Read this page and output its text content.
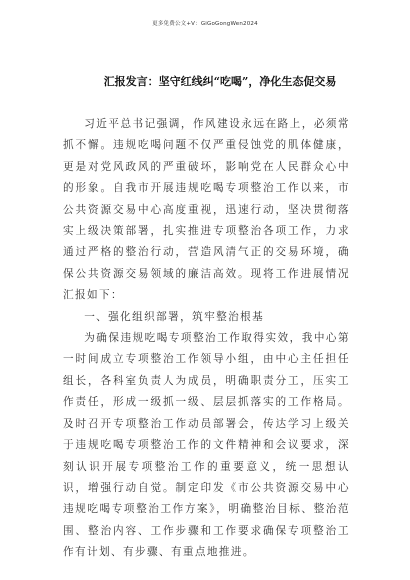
更多免费公文+V：GiGoGongWen2024
汇报发言：坚守红线纠“吃喝”，净化生态促交易

习近平总书记强调，作风建设永远在路上，必须常抓不懈。违规吃喝问题不仅严重侵蚀党的肌体健康，更是对党风政风的严重破坏，影响党在人民群众心中的形象。自我市开展违规吃喝专项整治工作以来，市公共资源交易中心高度重视，迅速行动，坚决贯彻落实上级决策部署，扎实推进专项整治各项工作，力求通过严格的整治行动，营造风清气正的交易环境，确保公共资源交易领域的廉洁高效。现将工作进展情况汇报如下：

一、强化组织部署，筑牢整治根基

为确保违规吃喝专项整治工作取得实效，我中心第一时间成立专项整治工作领导小组，由中心主任担任组长，各科室负责人为成员，明确职责分工，压实工作责任，形成一级抓一级、层层抓落实的工作格局。及时召开专项整治工作动员部署会，传达学习上级关于违规吃喝专项整治工作的文件精神和会议要求，深刻认识开展专项整治工作的重要意义，统一思想认识，增强行动自觉。制定印发《市公共资源交易中心违规吃喝专项整治工作方案》，明确整治目标、整治范围、整治内容、工作步骤和工作要求确保专项整治工作有计划、有步骤、有重点地推进。
